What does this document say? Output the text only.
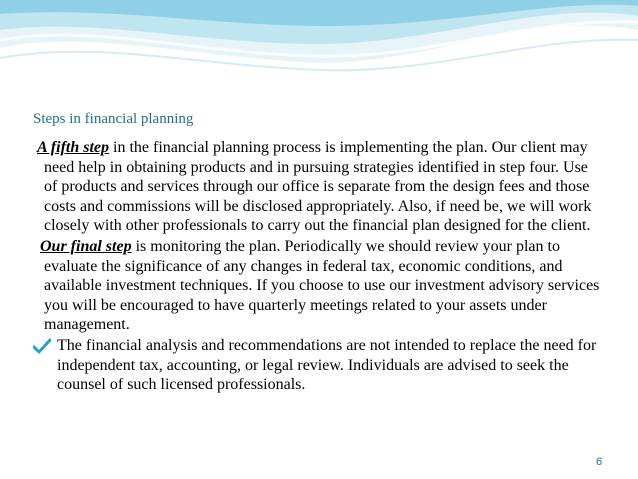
Steps in financial planning
A fifth step in the financial planning process is implementing the plan. Our client may need help in obtaining products and in pursuing strategies identified in step four. Use of products and services through our office is separate from the design fees and those costs and commissions will be disclosed appropriately. Also, if need be, we will work closely with other professionals to carry out the financial plan designed for the client.
Our final step is monitoring the plan. Periodically we should review your plan to evaluate the significance of any changes in federal tax, economic conditions, and available investment techniques. If you choose to use our investment advisory services you will be encouraged to have quarterly meetings related to your assets under management.
The financial analysis and recommendations are not intended to replace the need for independent tax, accounting, or legal review. Individuals are advised to seek the counsel of such licensed professionals.
6
